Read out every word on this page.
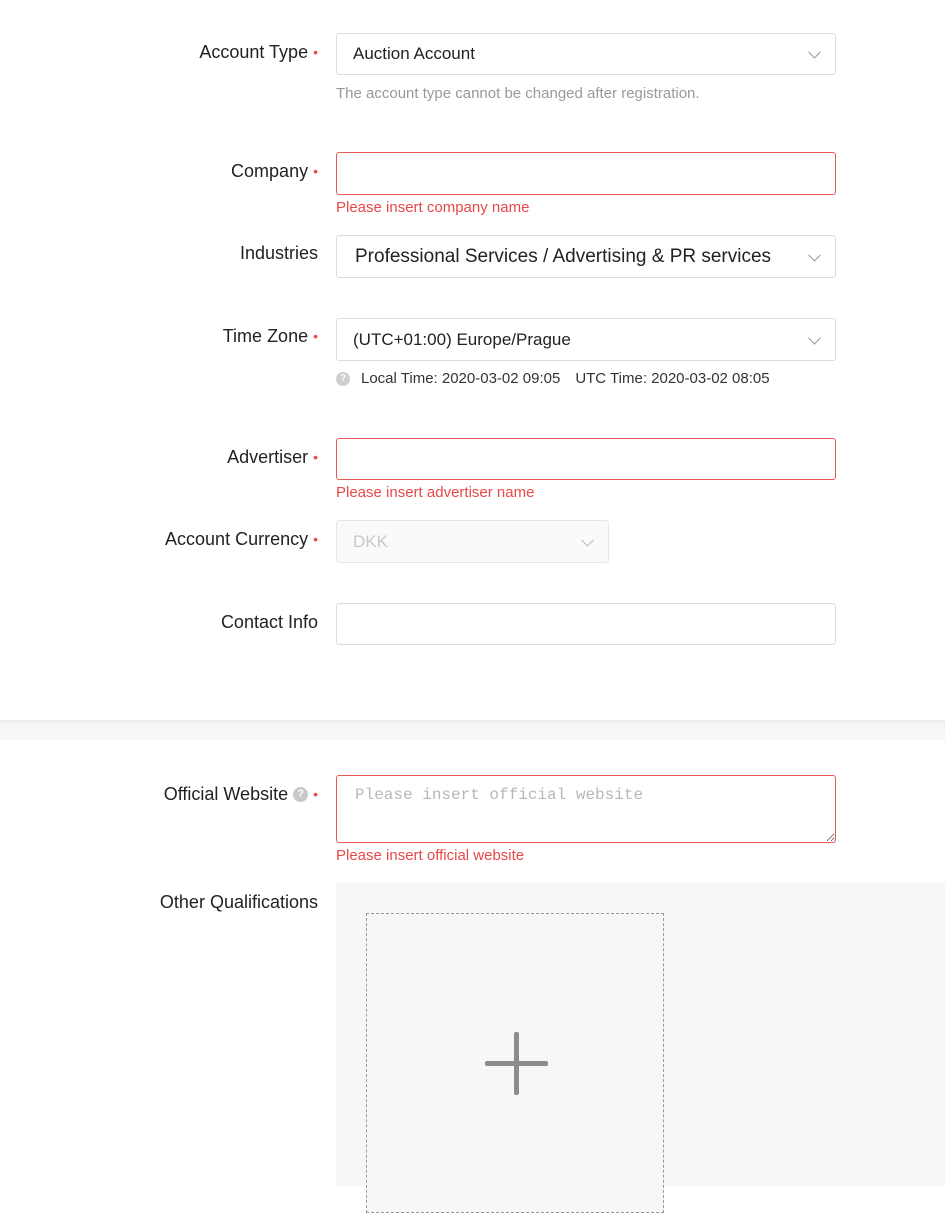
Account Type • Auction Account
The account type cannot be changed after registration.
Company •
Please insert company name
Industries Professional Services / Advertising & PR services
Time Zone • (UTC+01:00) Europe/Prague
? Local Time: 2020-03-02 09:05 UTC Time: 2020-03-02 08:05
Advertiser •
Please insert advertiser name
Account Currency • DKK
Contact Info
Official Website ? •
Please insert official website
Please insert official website
Other Qualifications
